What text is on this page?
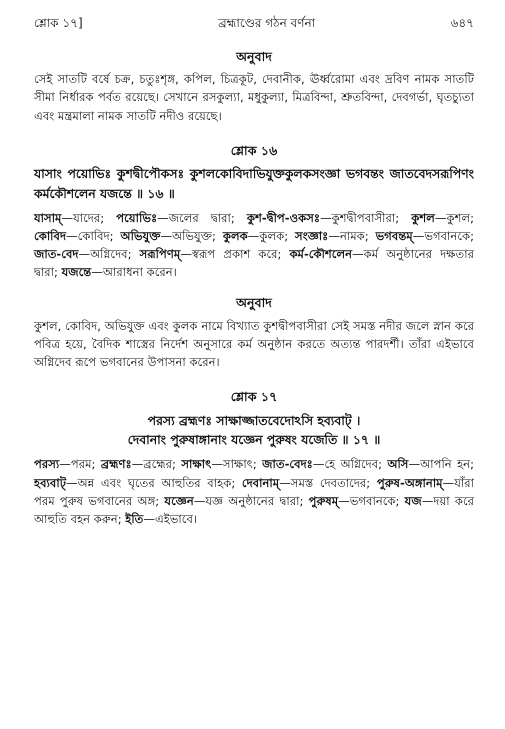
শ্লোক ১৭]	ব্রহ্মাণ্ডের গঠন বর্ণনা	৬৪৭
অনুবাদ

সেই সাতটি বর্ষে চক্র, চতুঃশৃঙ্গ, কপিল, চিত্রকূট, দেবানীক, ঊর্ধ্বরোমা এবং দ্রবিণ নামক সাতটি সীমা নির্ধারক পর্বত রয়েছে। সেখানে রসকুল্যা, মধুকুল্যা, মিত্রবিন্দা, শ্রুতবিন্দা, দেবগর্ভা, ঘৃতচ্যুতা এবং মন্ত্রমালা নামক সাতটি নদীও রয়েছে।

শ্লোক ১৬

যাসাং পয়োভিঃ কুশদ্বীপৌকসঃ কুশলকোবিদাভিযুক্তকুলকসংজ্ঞা ভগবন্তং জাতবেদসরূপিণং কর্মকৌশলেন যজন্তে ॥ ১৬ ॥

যাসাম্—যাদের; পয়োভিঃ—জলের দ্বারা; কুশ-দ্বীপ-ওকসঃ—কুশদ্বীপবাসীরা; কুশল—কুশল; কোবিদ—কোবিদ; অভিযুক্ত—অভিযুক্ত; কুলক—কুলক; সংজ্ঞাঃ—নামক; ভগবন্তম্—ভগবানকে; জাত-বেদ—অগ্নিদেব; সরূপিণম্—স্বরূপ প্রকাশ করে; কর্ম-কৌশলেন—কর্ম অনুষ্ঠানের দক্ষতার দ্বারা; যজন্তে—আরাধনা করেন।

অনুবাদ

কুশল, কোবিদ, অভিযুক্ত এবং কুলক নামে বিখ্যাত কুশদ্বীপবাসীরা সেই সমস্ত নদীর জলে স্নান করে পবিত্র হয়ে, বৈদিক শাস্ত্রের নির্দেশ অনুসারে কর্ম অনুষ্ঠান করতে অত্যন্ত পারদর্শী। তাঁরা এইভাবে অগ্নিদেব রূপে ভগবানের উপাসনা করেন।

শ্লোক ১৭
পরস্য ব্রহ্মণঃ সাক্ষাজ্জাতবেদোঽসি হব্যবাট্ ।
দেবানাং পুরুষাঙ্গানাং যজ্ঞেন পুরুষং যজেতি ॥ ১৭ ॥

পরস্য—পরম; ব্রহ্মণঃ—ব্রহ্মের; সাক্ষাৎ—সাক্ষাৎ; জাত-বেদঃ—হে অগ্নিদেব; অসি—আপনি হন; হব্যবাট্—অন্ন এবং ঘৃতের আহুতির বাহক; দেবানাম্—সমস্ত দেবতাদের; পুরুষ-অঙ্গানাম্—যাঁরা পরম পুরুষ ভগবানের অঙ্গ; যজ্ঞেন—যজ্ঞ অনুষ্ঠানের দ্বারা; পুরুষম্—ভগবানকে; যজ—দয়া করে আহুতি বহন করুন; ইতি—এইভাবে।
